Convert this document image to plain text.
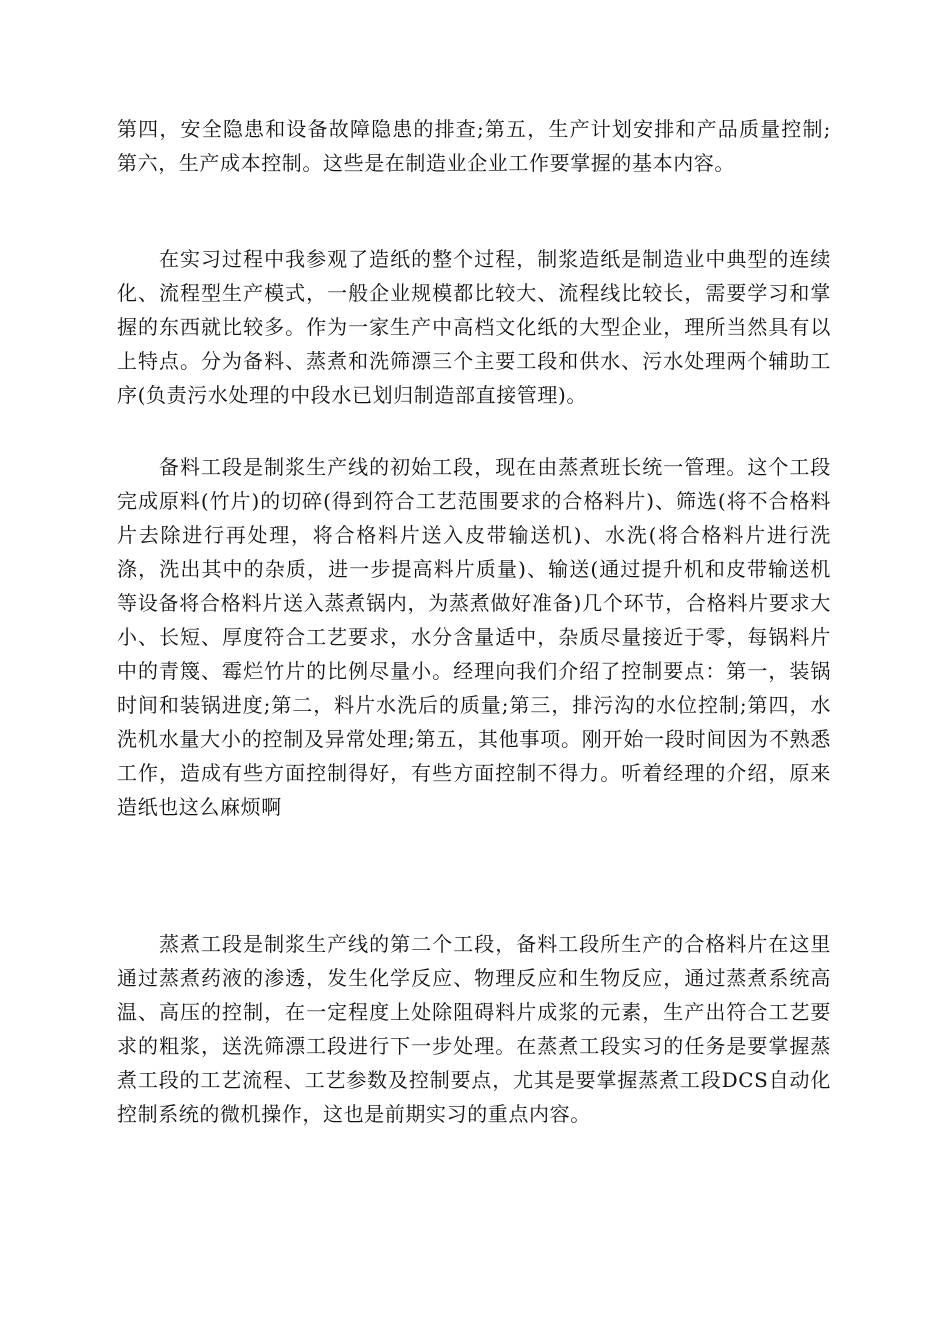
第四，安全隐患和设备故障隐患的排查;第五，生产计划安排和产品质量控制;第六，生产成本控制。这些是在制造业企业工作要掌握的基本内容。

在实习过程中我参观了造纸的整个过程，制浆造纸是制造业中典型的连续化、流程型生产模式，一般企业规模都比较大、流程线比较长，需要学习和掌握的东西就比较多。作为一家生产中高档文化纸的大型企业，理所当然具有以上特点。分为备料、蒸煮和洗筛漂三个主要工段和供水、污水处理两个辅助工序(负责污水处理的中段水已划归制造部直接管理)。

备料工段是制浆生产线的初始工段，现在由蒸煮班长统一管理。这个工段完成原料(竹片)的切碎(得到符合工艺范围要求的合格料片)、筛选(将不合格料片去除进行再处理，将合格料片送入皮带输送机)、水洗(将合格料片进行洗涤，洗出其中的杂质，进一步提高料片质量)、输送(通过提升机和皮带输送机等设备将合格料片送入蒸煮锅内，为蒸煮做好准备)几个环节，合格料片要求大小、长短、厚度符合工艺要求，水分含量适中，杂质尽量接近于零，每锅料片中的青篾、霉烂竹片的比例尽量小。经理向我们介绍了控制要点：第一，装锅时间和装锅进度;第二，料片水洗后的质量;第三，排污沟的水位控制;第四，水洗机水量大小的控制及异常处理;第五，其他事项。刚开始一段时间因为不熟悉工作，造成有些方面控制得好，有些方面控制不得力。听着经理的介绍，原来造纸也这么麻烦啊

蒸煮工段是制浆生产线的第二个工段，备料工段所生产的合格料片在这里通过蒸煮药液的渗透，发生化学反应、物理反应和生物反应，通过蒸煮系统高温、高压的控制，在一定程度上处除阻碍料片成浆的元素，生产出符合工艺要求的粗浆，送洗筛漂工段进行下一步处理。在蒸煮工段实习的任务是要掌握蒸煮工段的工艺流程、工艺参数及控制要点，尤其是要掌握蒸煮工段DCS自动化控制系统的微机操作，这也是前期实习的重点内容。
